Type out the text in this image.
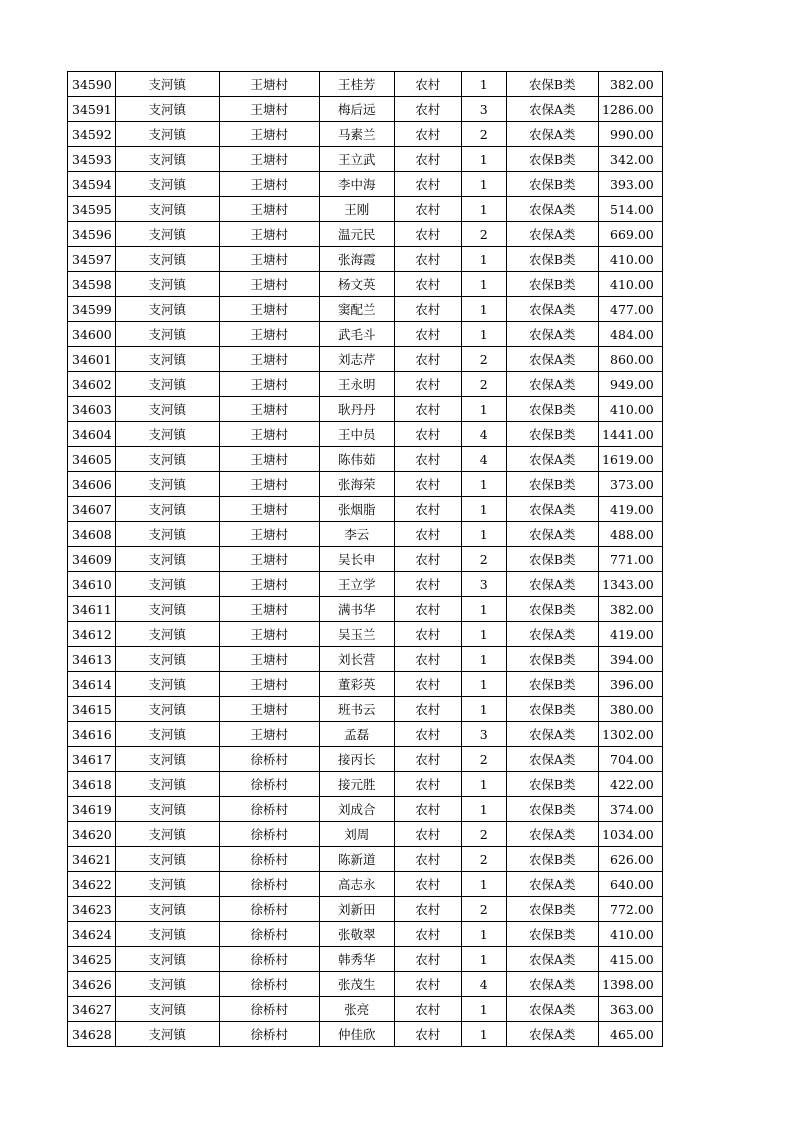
34590	支河镇	王塘村	王桂芳	农村	1	农保B类	382.00
34591	支河镇	王塘村	梅后远	农村	3	农保A类	1286.00
34592	支河镇	王塘村	马素兰	农村	2	农保A类	990.00
34593	支河镇	王塘村	王立武	农村	1	农保B类	342.00
34594	支河镇	王塘村	李中海	农村	1	农保B类	393.00
34595	支河镇	王塘村	王刚	农村	1	农保A类	514.00
34596	支河镇	王塘村	温元民	农村	2	农保A类	669.00
34597	支河镇	王塘村	张海霞	农村	1	农保B类	410.00
34598	支河镇	王塘村	杨文英	农村	1	农保B类	410.00
34599	支河镇	王塘村	窦配兰	农村	1	农保A类	477.00
34600	支河镇	王塘村	武毛斗	农村	1	农保A类	484.00
34601	支河镇	王塘村	刘志芹	农村	2	农保A类	860.00
34602	支河镇	王塘村	王永明	农村	2	农保A类	949.00
34603	支河镇	王塘村	耿丹丹	农村	1	农保B类	410.00
34604	支河镇	王塘村	王中员	农村	4	农保B类	1441.00
34605	支河镇	王塘村	陈伟茹	农村	4	农保A类	1619.00
34606	支河镇	王塘村	张海荣	农村	1	农保B类	373.00
34607	支河镇	王塘村	张烟脂	农村	1	农保A类	419.00
34608	支河镇	王塘村	李云	农村	1	农保A类	488.00
34609	支河镇	王塘村	吴长申	农村	2	农保B类	771.00
34610	支河镇	王塘村	王立学	农村	3	农保A类	1343.00
34611	支河镇	王塘村	满书华	农村	1	农保B类	382.00
34612	支河镇	王塘村	吴玉兰	农村	1	农保A类	419.00
34613	支河镇	王塘村	刘长营	农村	1	农保B类	394.00
34614	支河镇	王塘村	董彩英	农村	1	农保B类	396.00
34615	支河镇	王塘村	班书云	农村	1	农保B类	380.00
34616	支河镇	王塘村	孟磊	农村	3	农保A类	1302.00
34617	支河镇	徐桥村	接丙长	农村	2	农保A类	704.00
34618	支河镇	徐桥村	接元胜	农村	1	农保B类	422.00
34619	支河镇	徐桥村	刘成合	农村	1	农保B类	374.00
34620	支河镇	徐桥村	刘周	农村	2	农保A类	1034.00
34621	支河镇	徐桥村	陈新道	农村	2	农保B类	626.00
34622	支河镇	徐桥村	高志永	农村	1	农保A类	640.00
34623	支河镇	徐桥村	刘新田	农村	2	农保B类	772.00
34624	支河镇	徐桥村	张敬翠	农村	1	农保B类	410.00
34625	支河镇	徐桥村	韩秀华	农村	1	农保A类	415.00
34626	支河镇	徐桥村	张茂生	农村	4	农保A类	1398.00
34627	支河镇	徐桥村	张亮	农村	1	农保A类	363.00
34628	支河镇	徐桥村	仲佳欣	农村	1	农保A类	465.00
